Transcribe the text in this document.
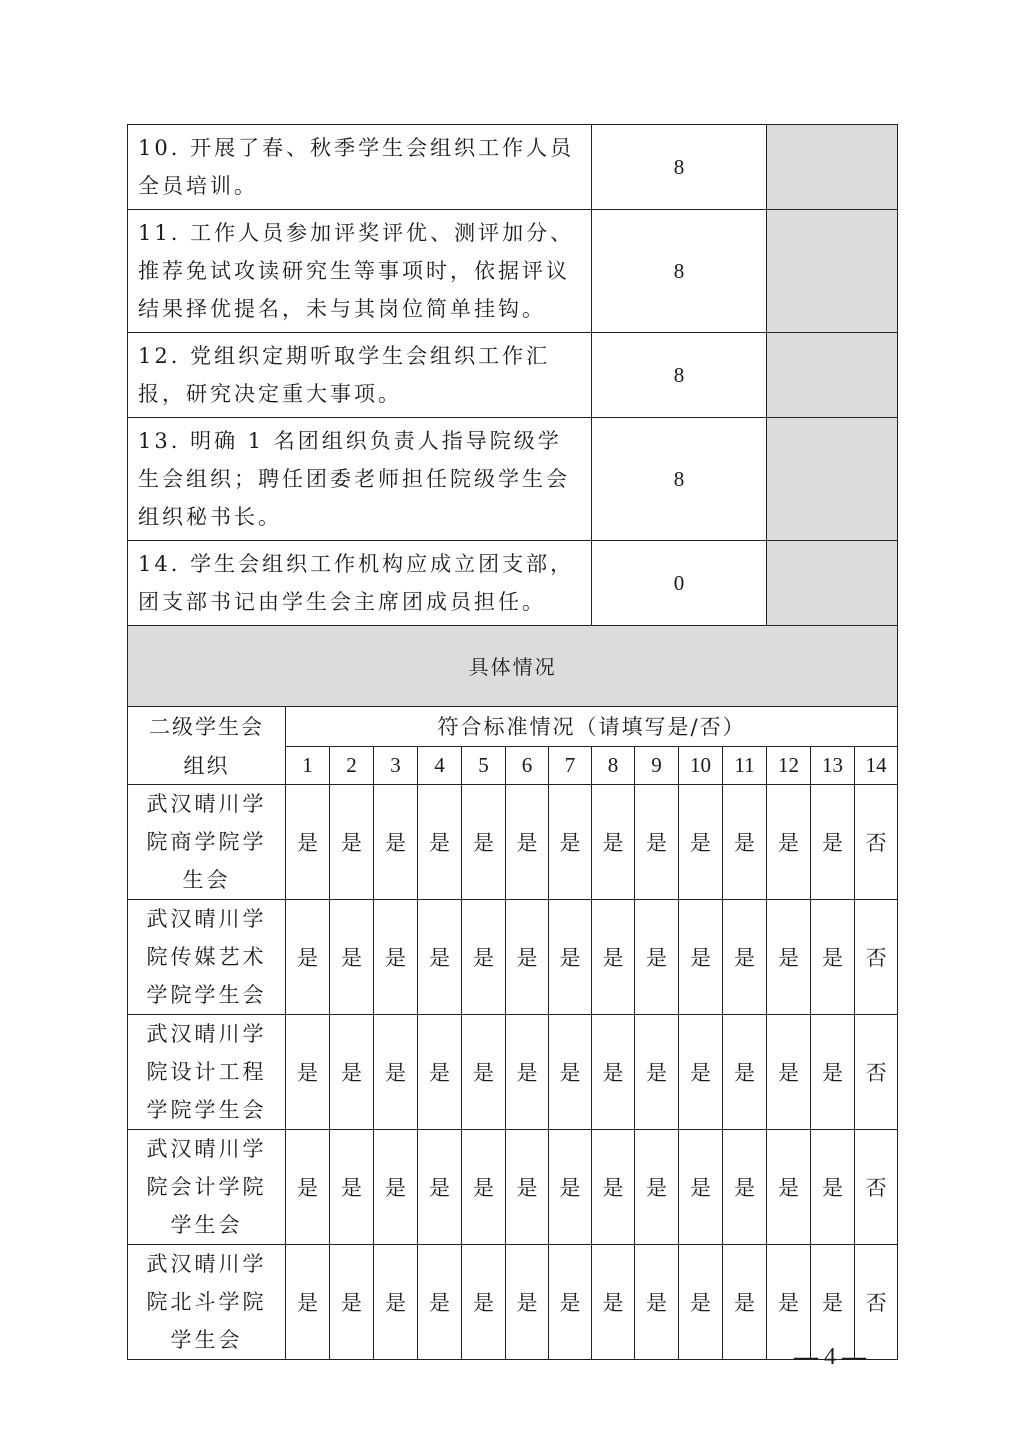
10. 开展了春、秋季学生会组织工作人员全员培训。	8	
11. 工作人员参加评奖评优、测评加分、推荐免试攻读研究生等事项时，依据评议结果择优提名，未与其岗位简单挂钩。	8	
12. 党组织定期听取学生会组织工作汇报，研究决定重大事项。	8	
13. 明确 1 名团组织负责人指导院级学生会组织；聘任团委老师担任院级学生会组织秘书长。	8	
14. 学生会组织工作机构应成立团支部，团支部书记由学生会主席团成员担任。	0	
具体情况														
二级学生会	符合标准情况（请填写是/否）													
组织	1	2	3	4	5	6	7	8	9	10	11	12	13	14
武汉晴川学院商学院学生会	是	是	是	是	是	是	是	是	是	是	是	是	是	否
武汉晴川学院传媒艺术学院学生会	是	是	是	是	是	是	是	是	是	是	是	是	是	否
武汉晴川学院设计工程学院学生会	是	是	是	是	是	是	是	是	是	是	是	是	是	否
武汉晴川学院会计学院学生会	是	是	是	是	是	是	是	是	是	是	是	是	是	否
武汉晴川学院北斗学院学生会	是	是	是	是	是	是	是	是	是	是	是	是	是	否
— 4 —
